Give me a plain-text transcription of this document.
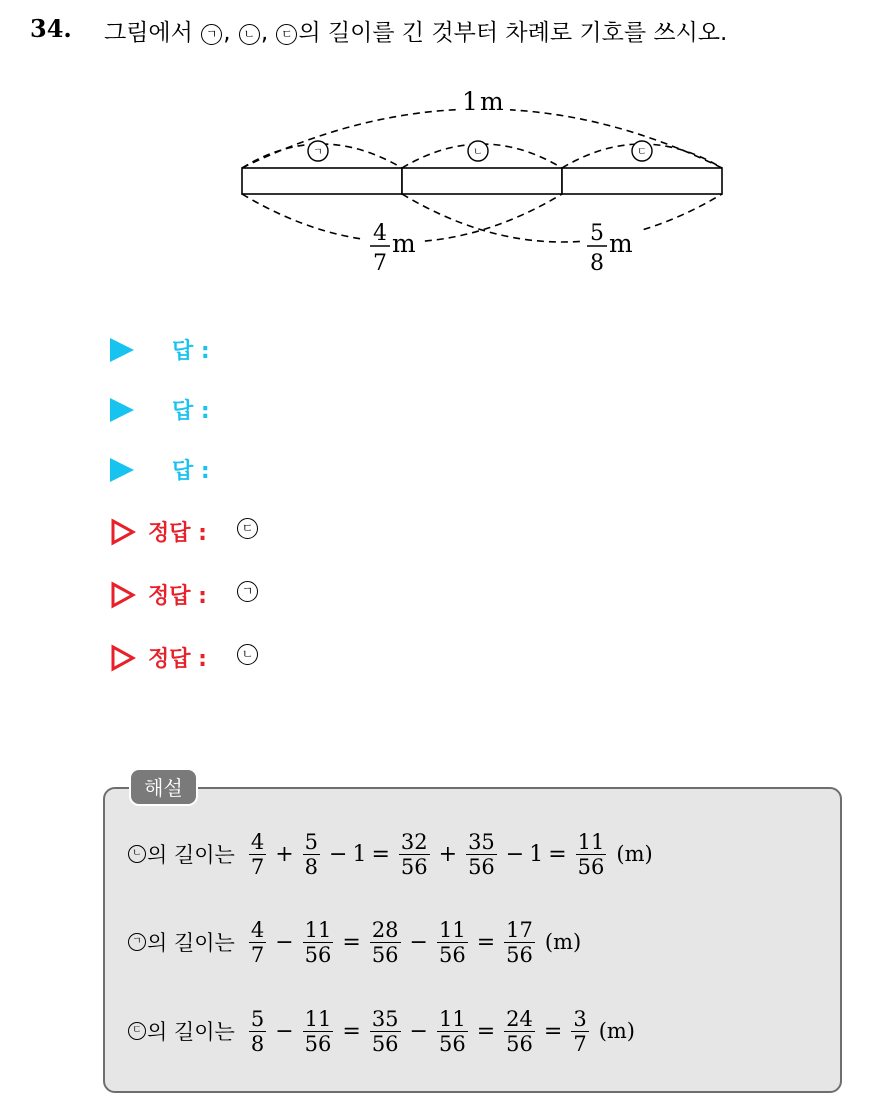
34. 그림에서 ㄱ , ㄴ , ㄷ 의 길이를 긴 것부터 차례로 기호를 쓰시오.
1 m
ㄱ	ㄴ	ㄷ
4
7
m	5
8
m
답 :
답 :
답 :
정답 :	ㄷ
정답 :	ㄱ
정답 :	ㄴ
해설
ㄴ 의 길이는 $\frac{4}{7} + \frac{5}{8} - 1 = \frac{32}{56} + \frac{35}{56} - 1 = \frac{11}{56} (m)$
ㄱ 의 길이는 $\frac{4}{7} - \frac{11}{56} = \frac{28}{56} - \frac{11}{56} = \frac{17}{56} (m)$
ㄷ 의 길이는 $\frac{5}{8} - \frac{11}{56} = \frac{35}{56} - \frac{11}{56} = \frac{24}{56} = \frac{3}{7} (m)$
